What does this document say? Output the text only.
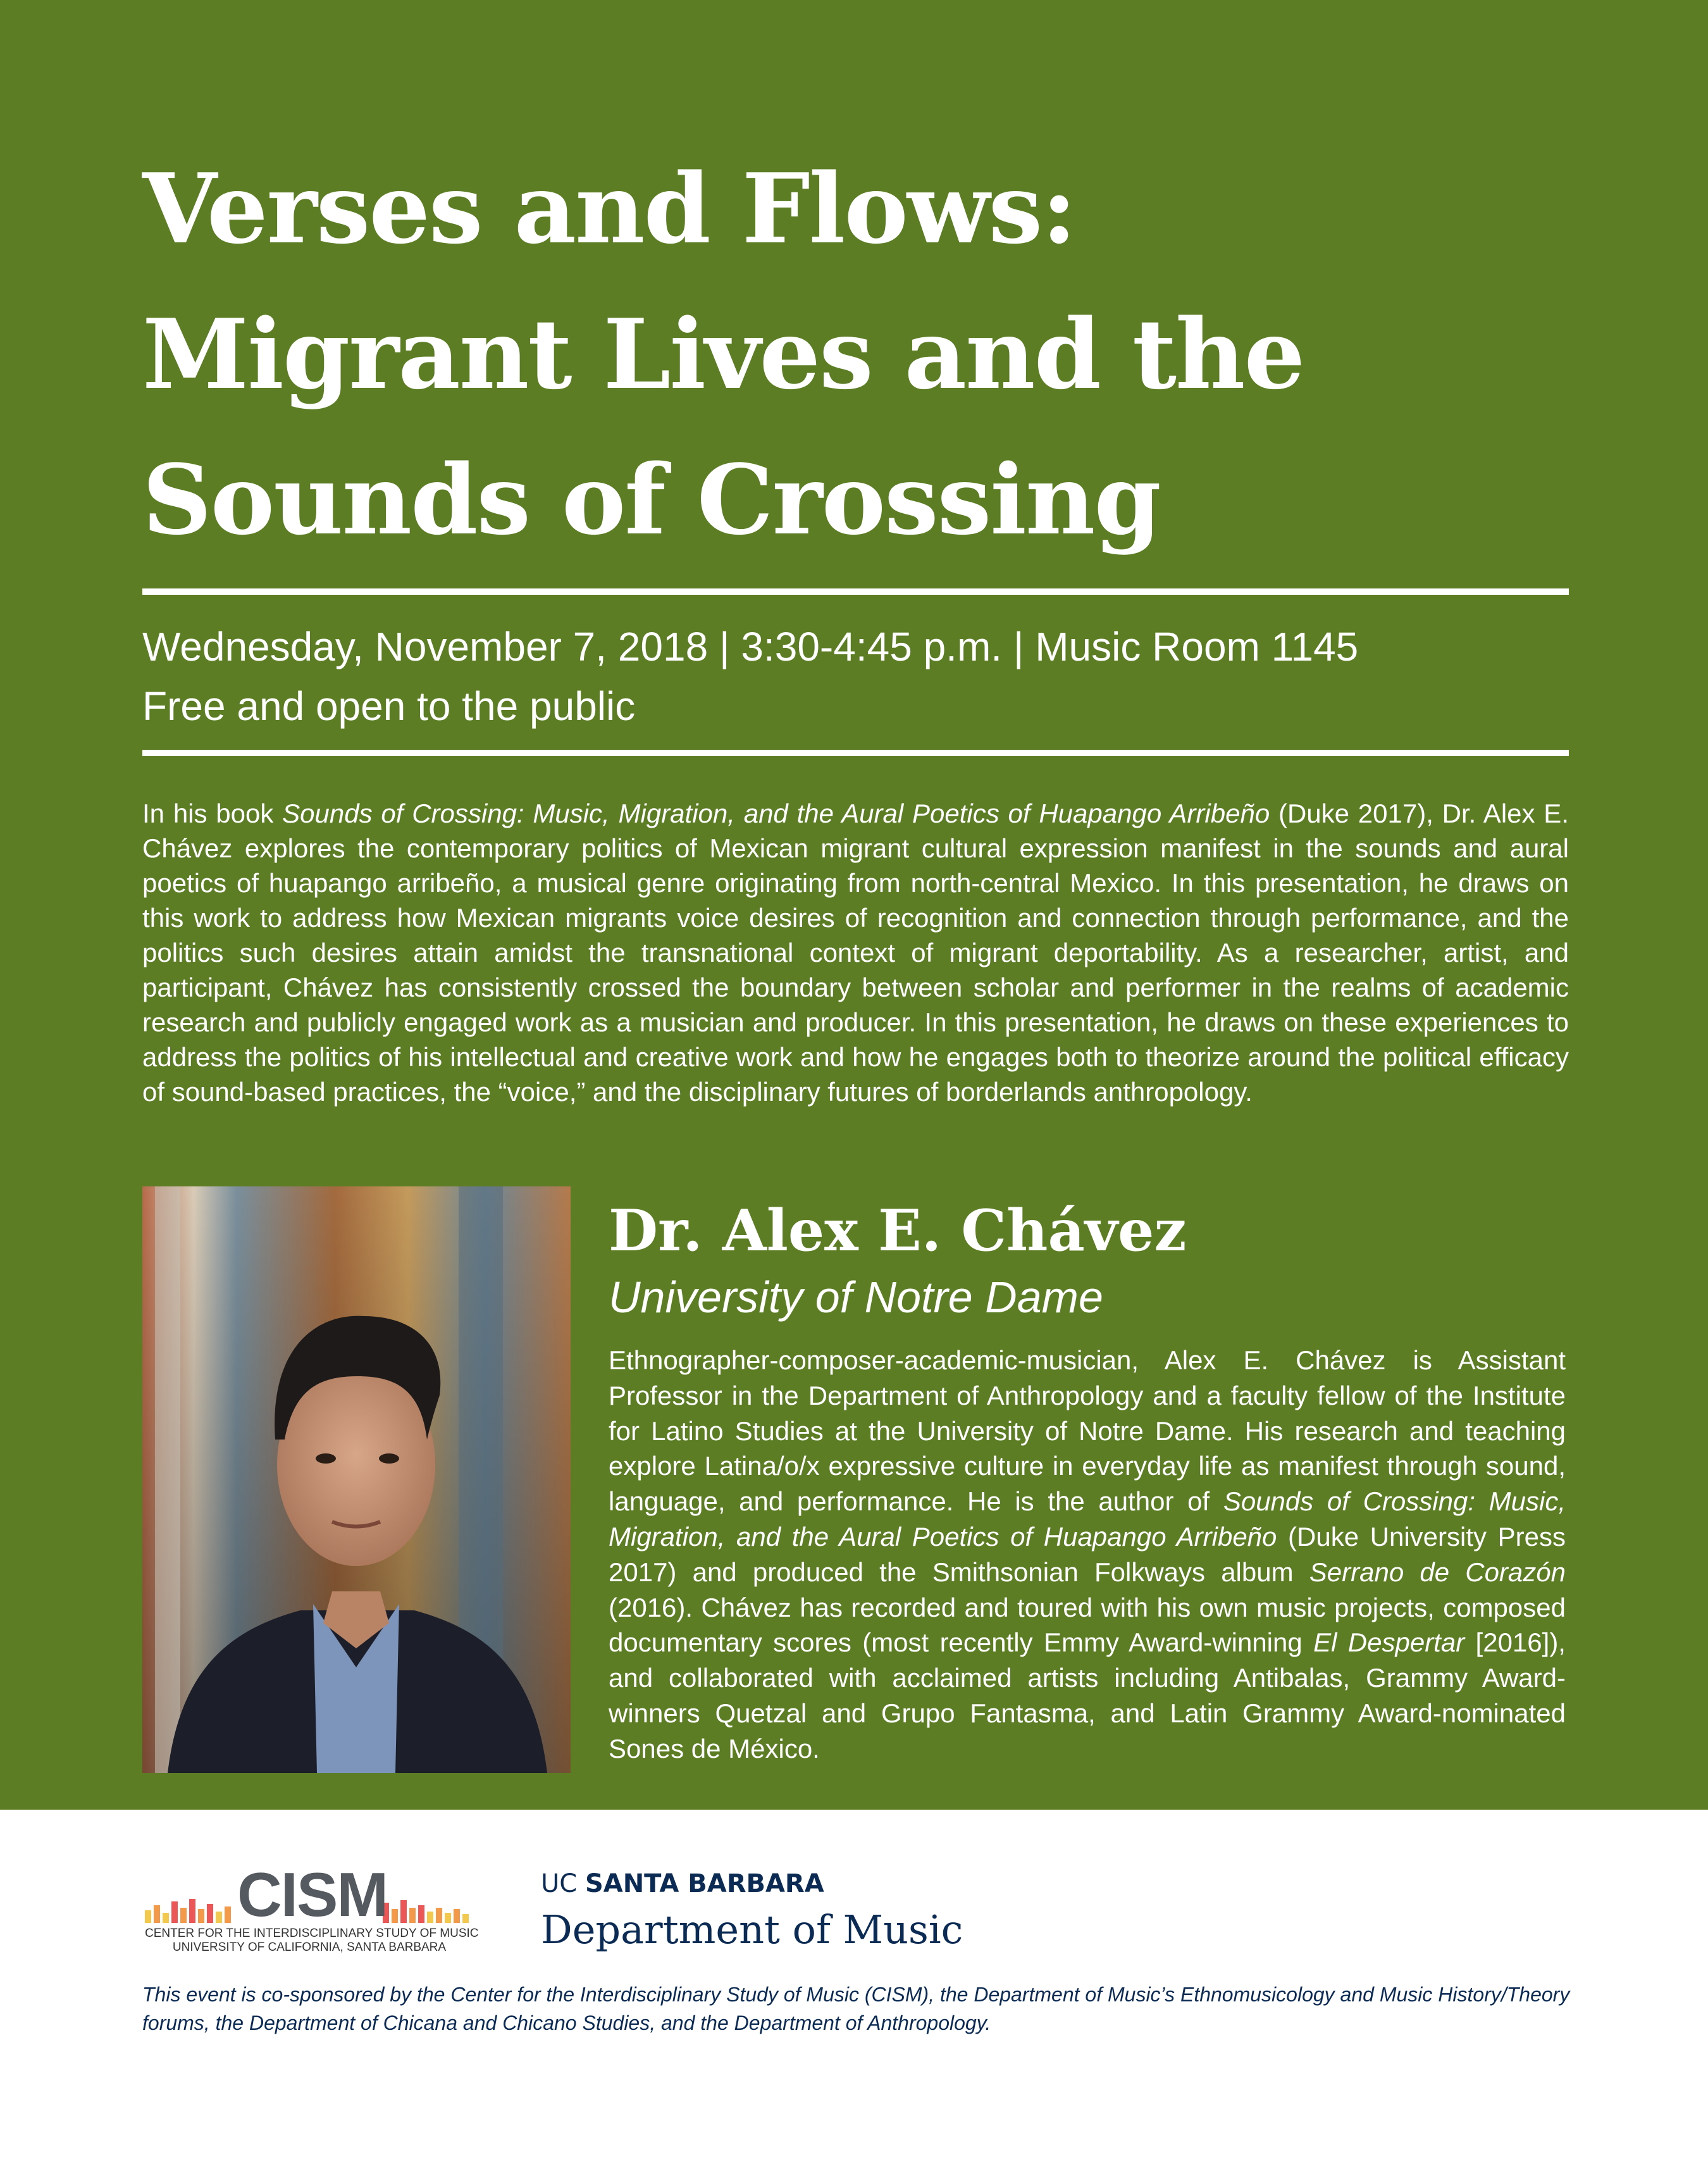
Verses and Flows:
Migrant Lives and the
Sounds of Crossing
Wednesday, November 7, 2018 | 3:30-4:45 p.m. | Music Room 1145
Free and open to the public

In his book Sounds of Crossing: Music, Migration, and the Aural Poetics of Huapango Arribeño (Duke 2017), Dr. Alex E. Chávez explores the contemporary politics of Mexican migrant cultural expression manifest in the sounds and aural poetics of huapango arribeño, a musical genre originating from north-central Mexico. In this presentation, he draws on this work to address how Mexican migrants voice desires of recognition and connection through performance, and the politics such desires attain amidst the transnational context of migrant deportability. As a researcher, artist, and participant, Chávez has consistently crossed the boundary between scholar and performer in the realms of academic research and publicly engaged work as a musician and producer. In this presentation, he draws on these experiences to address the politics of his intellectual and creative work and how he engages both to theorize around the political efficacy of sound-based practices, the “voice,” and the disciplinary futures of borderlands anthropology.

Dr. Alex E. Chávez
University of Notre Dame

Ethnographer-composer-academic-musician, Alex E. Chávez is Assistant Professor in the Department of Anthropology and a faculty fellow of the Institute for Latino Studies at the University of Notre Dame. His research and teaching explore Latina/o/x expressive culture in everyday life as manifest through sound, language, and performance. He is the author of Sounds of Crossing: Music, Migration, and the Aural Poetics of Huapango Arribeño (Duke University Press 2017) and produced the Smithsonian Folkways album Serrano de Corazón (2016). Chávez has recorded and toured with his own music projects, composed documentary scores (most recently Emmy Award-winning El Despertar [2016]), and collaborated with acclaimed artists including Antibalas, Grammy Award-winners Quetzal and Grupo Fantasma, and Latin Grammy Award-nominated Sones de México.

CISM
CENTER FOR THE INTERDISCIPLINARY STUDY OF MUSIC
UNIVERSITY OF CALIFORNIA, SANTA BARBARA
UC SANTA BARBARA
Department of Music

This event is co-sponsored by the Center for the Interdisciplinary Study of Music (CISM), the Department of Music’s Ethnomusicology and Music History/Theory forums, the Department of Chicana and Chicano Studies, and the Department of Anthropology.
